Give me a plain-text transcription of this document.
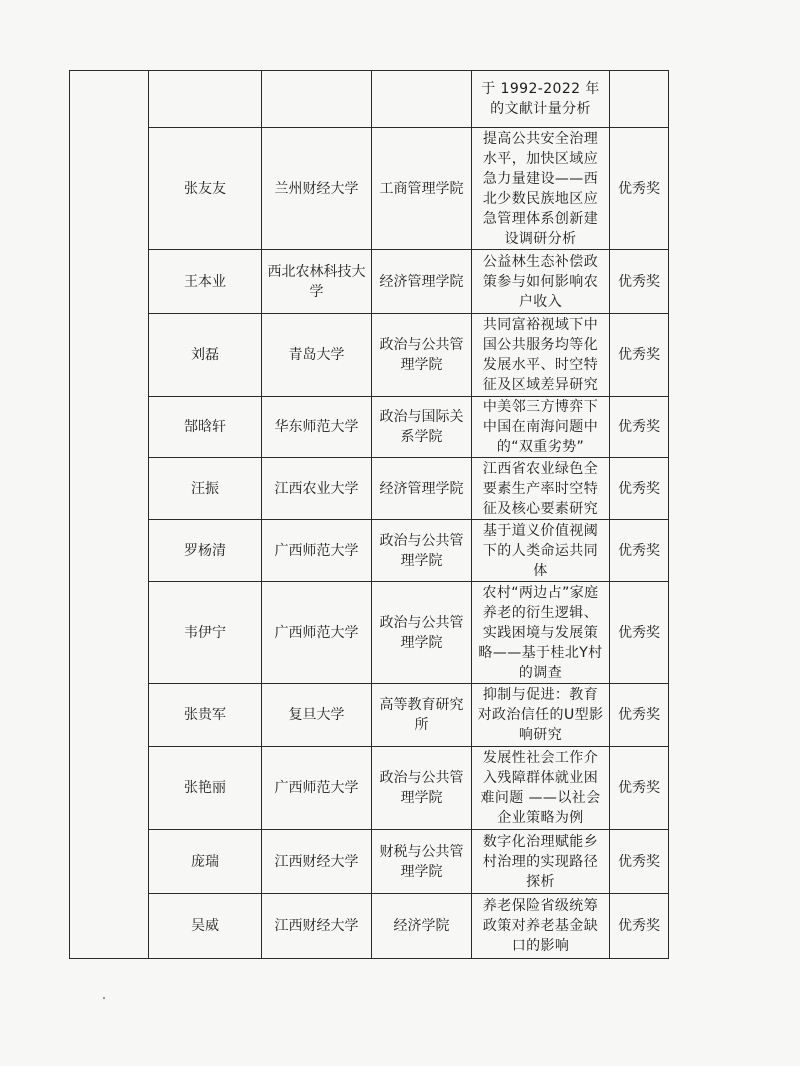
				于 1992-2022 年的文献计量分析	
	张友友	兰州财经大学	工商管理学院	提高公共安全治理水平，加快区域应急力量建设——西北少数民族地区应急管理体系创新建设调研分析	优秀奖
	王本业	西北农林科技大学	经济管理学院	公益林生态补偿政策参与如何影响农户收入	优秀奖
	刘磊	青岛大学	政治与公共管理学院	共同富裕视域下中国公共服务均等化发展水平、时空特征及区域差异研究	优秀奖
	郜晗轩	华东师范大学	政治与国际关系学院	中美邻三方博弈下中国在南海问题中的“双重劣势”	优秀奖
	汪振	江西农业大学	经济管理学院	江西省农业绿色全要素生产率时空特征及核心要素研究	优秀奖
	罗杨清	广西师范大学	政治与公共管理学院	基于道义价值视阈下的人类命运共同体	优秀奖
	韦伊宁	广西师范大学	政治与公共管理学院	农村“两边占”家庭养老的衍生逻辑、实践困境与发展策略——基于桂北Y村的调查	优秀奖
	张贵军	复旦大学	高等教育研究所	抑制与促进：教育对政治信任的U型影响研究	优秀奖
	张艳丽	广西师范大学	政治与公共管理学院	发展性社会工作介入残障群体就业困难问题 ——以社会企业策略为例	优秀奖
	庞瑞	江西财经大学	财税与公共管理学院	数字化治理赋能乡村治理的实现路径探析	优秀奖
	吴威	江西财经大学	经济学院	养老保险省级统筹政策对养老基金缺口的影响	优秀奖
